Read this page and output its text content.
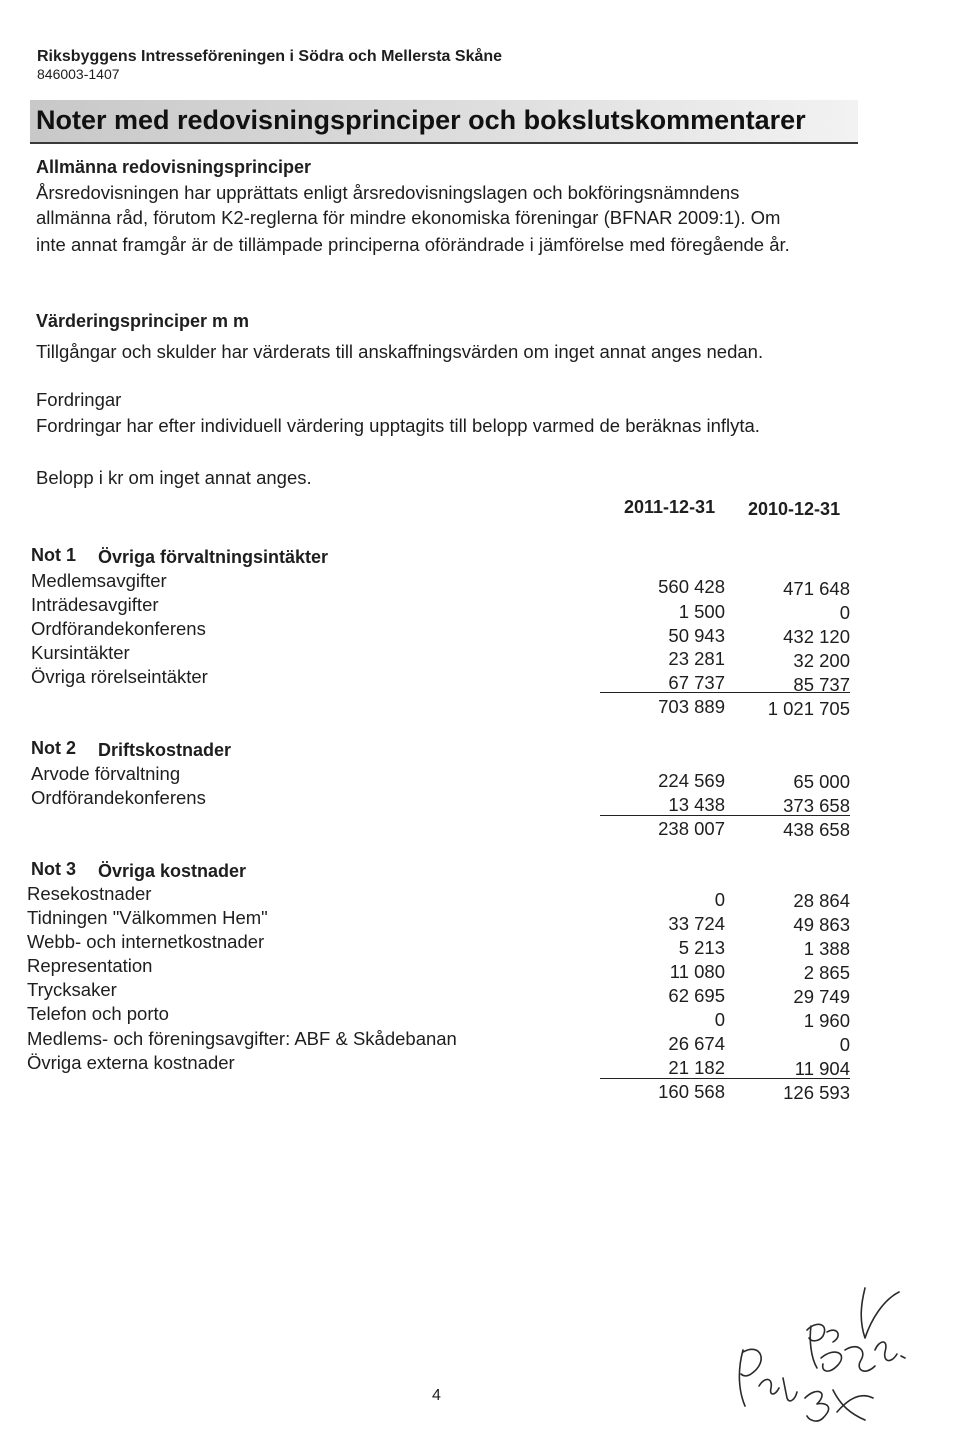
Riksbyggens Intresseföreningen i Södra och Mellersta Skåne
846003-1407
Noter med redovisningsprinciper och bokslutskommentarer
Allmänna redovisningsprinciper
Årsredovisningen har upprättats enligt årsredovisningslagen och bokföringsnämndens
allmänna råd, förutom K2-reglerna för mindre ekonomiska föreningar (BFNAR 2009:1). Om
inte annat framgår är de tillämpade principerna oförändrade i jämförelse med föregående år.
Värderingsprinciper m m
Tillgångar och skulder har värderats till anskaffningsvärden om inget annat anges nedan.
Fordringar
Fordringar har efter individuell värdering upptagits till belopp varmed de beräknas inflyta.
Belopp i kr om inget annat anges.
2011-12-31 2010-12-31
Not 1 Övriga förvaltningsintäkter
Medlemsavgifter
Inträdesavgifter
Ordförandekonferens
Kursintäkter
Övriga rörelseintäkter
560 428
1 500
50 943
23 281
67 737
703 889
471 648
0
432 120
32 200
85 737
1 021 705
Not 2 Driftskostnader
Arvode förvaltning
Ordförandekonferens
224 569
13 438
238 007
65 000
373 658
438 658
Not 3 Övriga kostnader
Resekostnader
Tidningen "Välkommen Hem"
Webb- och internetkostnader
Representation
Trycksaker
Telefon och porto
Medlems- och föreningsavgifter: ABF & Skådebanan
Övriga externa kostnader
0
33 724
5 213
11 080
62 695
0
26 674
21 182
160 568
28 864
49 863
1 388
2 865
29 749
1 960
0
11 904
126 593
4
